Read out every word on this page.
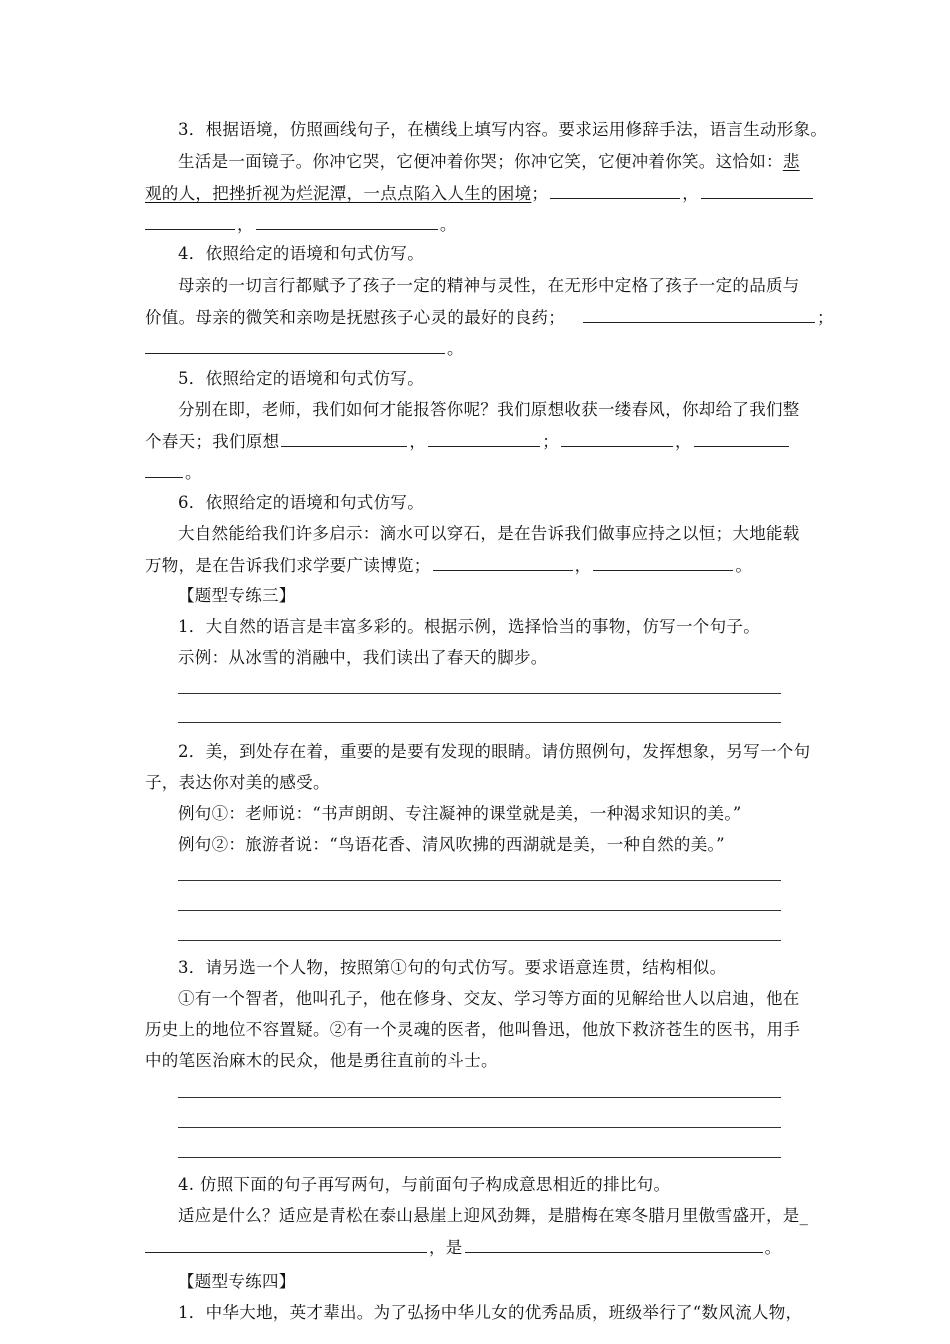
3．根据语境，仿照画线句子，在横线上填写内容。要求运用修辞手法，语言生动形象。
生活是一面镜子。你冲它哭，它便冲着你哭；你冲它笑，它便冲着你笑。这恰如：悲
观的人，把挫折视为烂泥潭，一点点陷入人生的困境；	，
，	。
4．依照给定的语境和句式仿写。
母亲的一切言行都赋予了孩子一定的精神与灵性，在无形中定格了孩子一定的品质与
价值。母亲的微笑和亲吻是抚慰孩子心灵的最好的良药；	；
。
5．依照给定的语境和句式仿写。
分别在即，老师，我们如何才能报答你呢？我们原想收获一缕春风，你却给了我们整
个春天；我们原想	，	；	，
。
6．依照给定的语境和句式仿写。
大自然能给我们许多启示：滴水可以穿石，是在告诉我们做事应持之以恒；大地能载
万物，是在告诉我们求学要广读博览；	，	。
【题型专练三】
1．大自然的语言是丰富多彩的。根据示例，选择恰当的事物，仿写一个句子。
示例：从冰雪的消融中，我们读出了春天的脚步。
2．美，到处存在着，重要的是要有发现的眼睛。请仿照例句，发挥想象，另写一个句
子，表达你对美的感受。
例句①：老师说：“书声朗朗、专注凝神的课堂就是美，一种渴求知识的美。”
例句②：旅游者说：“鸟语花香、清风吹拂的西湖就是美，一种自然的美。”
3．请另选一个人物，按照第①句的句式仿写。要求语意连贯，结构相似。
①有一个智者，他叫孔子，他在修身、交友、学习等方面的见解给世人以启迪，他在
历史上的地位不容置疑。②有一个灵魂的医者，他叫鲁迅，他放下救济苍生的医书，用手
中的笔医治麻木的民众，他是勇往直前的斗士。
4. 仿照下面的句子再写两句，与前面句子构成意思相近的排比句。
适应是什么？适应是青松在泰山悬崖上迎风劲舞，是腊梅在寒冬腊月里傲雪盛开，是_
，是	。
【题型专练四】
1．中华大地，英才辈出。为了弘扬中华儿女的优秀品质，班级举行了“数风流人物，
